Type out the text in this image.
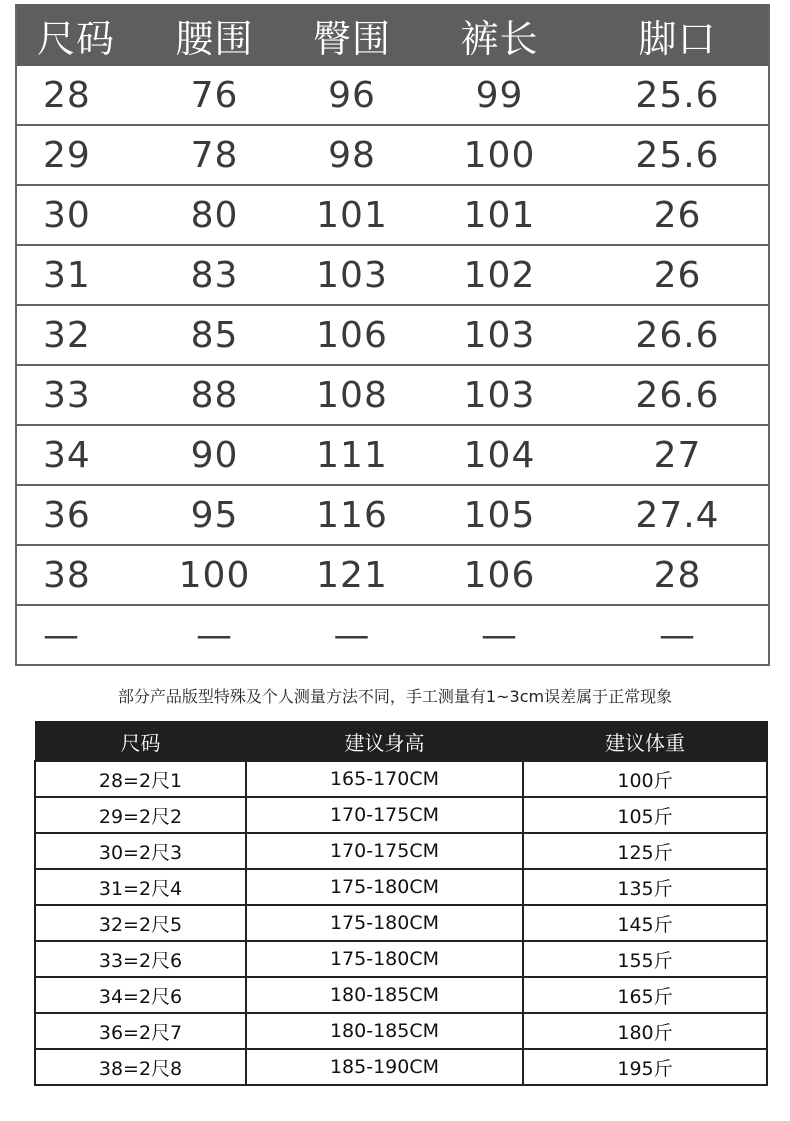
尺码	腰围	臀围	裤长	脚口
28	76	96	99	25.6
29	78	98	100	25.6
30	80	101	101	26
31	83	103	102	26
32	85	106	103	26.6
33	88	108	103	26.6
34	90	111	104	27
36	95	116	105	27.4
38	100	121	106	28
—	—	—	—	—
部分产品版型特殊及个人测量方法不同，手工测量有1~3cm误差属于正常现象
尺码	建议身高	建议体重
28=2尺1	165-170CM	100斤
29=2尺2	170-175CM	105斤
30=2尺3	170-175CM	125斤
31=2尺4	175-180CM	135斤
32=2尺5	175-180CM	145斤
33=2尺6	175-180CM	155斤
34=2尺6	180-185CM	165斤
36=2尺7	180-185CM	180斤
38=2尺8	185-190CM	195斤
